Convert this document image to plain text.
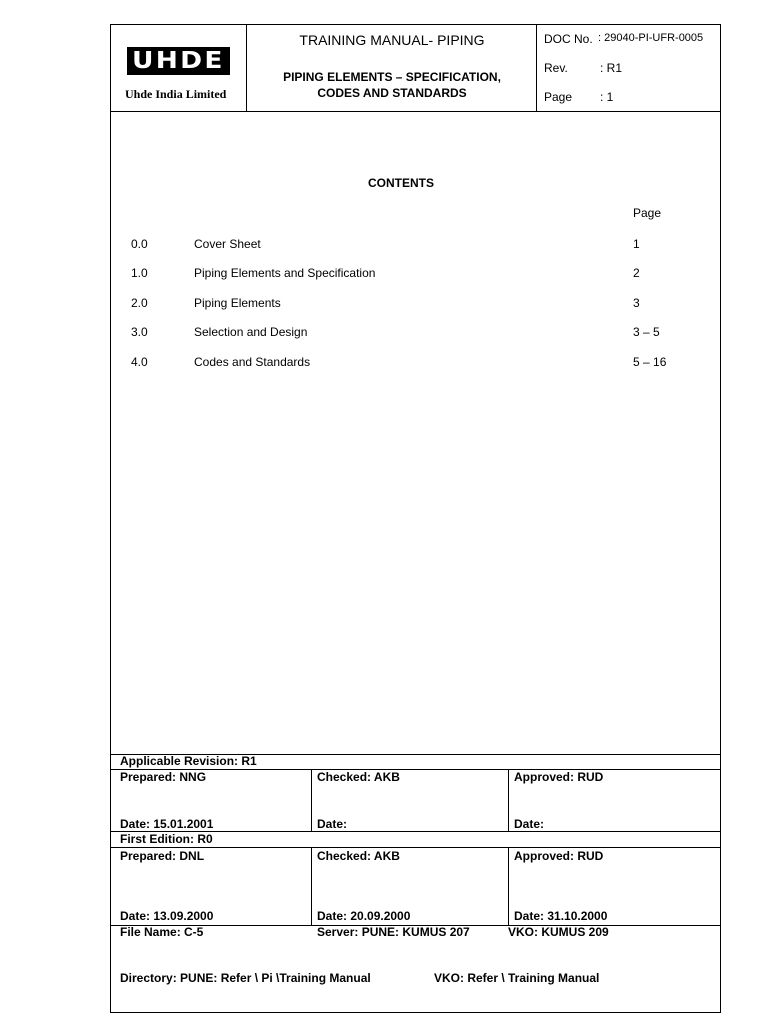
UHDE
Uhde India Limited
TRAINING MANUAL- PIPING
PIPING ELEMENTS – SPECIFICATION,
CODES AND STANDARDS
DOC No. : 29040-PI-UFR-0005
Rev.	: R1
Page : 1
CONTENTS
Page
0.0	Cover Sheet	1
1.0	Piping Elements and Specification	2
2.0	Piping Elements	3
3.0	Selection and Design	3 – 5
4.0	Codes and Standards	5 – 16
Applicable Revision: R1
Prepared: NNG	Checked: AKB	Approved: RUD
Date: 15.01.2001	Date:	Date:
First Edition: R0
Prepared: DNL	Checked: AKB	Approved: RUD
Date: 13.09.2000	Date: 20.09.2000	Date: 31.10.2000
File Name: C-5	Server: PUNE: KUMUS 207	VKO: KUMUS 209
Directory: PUNE: Refer \ Pi \Training Manual	VKO: Refer \ Training Manual
